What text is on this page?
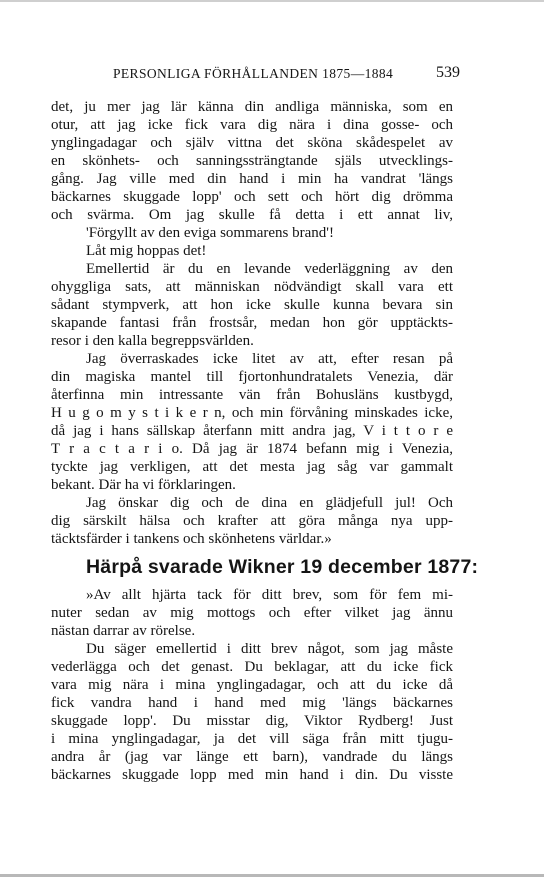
PERSONLIGA FÖRHÅLLANDEN 1875—1884	539
det, ju mer jag lär känna din andliga människa, som en
otur, att jag icke fick vara dig nära i dina gosse- och
ynglingadagar och själv vittna det sköna skådespelet av
en skönhets- och sanningssträngtande själs utvecklings-
gång. Jag ville med din hand i min ha vandrat 'längs
bäckarnes skuggade lopp' och sett och hört dig drömma
och svärma. Om jag skulle få detta i ett annat liv,
'Förgyllt av den eviga sommarens brand'!
Låt mig hoppas det!
Emellertid är du en levande vederläggning av den
ohyggliga sats, att människan nödvändigt skall vara ett
sådant stympverk, att hon icke skulle kunna bevara sin
skapande fantasi från frostsår, medan hon gör upptäckts-
resor i den kalla begreppsvärlden.
Jag överraskades icke litet av att, efter resan på
din magiska mantel till fjortonhundratalets Venezia, där
återfinna min intressante vän från Bohusläns kustbygd,
H u g o m y s t i k e r n, och min förvåning minskades icke,
då jag i hans sällskap återfann mitt andra jag, V i t t o r e
T r a c t a r i o. Då jag är 1874 befann mig i Venezia,
tyckte jag verkligen, att det mesta jag såg var gammalt
bekant. Där ha vi förklaringen.
Jag önskar dig och de dina en glädjefull jul! Och
dig särskilt hälsa och krafter att göra många nya upp-
täcktsfärder i tankens och skönhetens världar.»
Härpå svarade Wikner 19 december 1877:
»Av allt hjärta tack för ditt brev, som för fem mi-
nuter sedan av mig mottogs och efter vilket jag ännu
nästan darrar av rörelse.
Du säger emellertid i ditt brev något, som jag måste
vederlägga och det genast. Du beklagar, att du icke fick
vara mig nära i mina ynglingadagar, och att du icke då
fick vandra hand i hand med mig 'längs bäckarnes
skuggade lopp'. Du misstar dig, Viktor Rydberg! Just
i mina ynglingadagar, ja det vill säga från mitt tjugu-
andra år (jag var länge ett barn), vandrade du längs
bäckarnes skuggade lopp med min hand i din. Du visste
